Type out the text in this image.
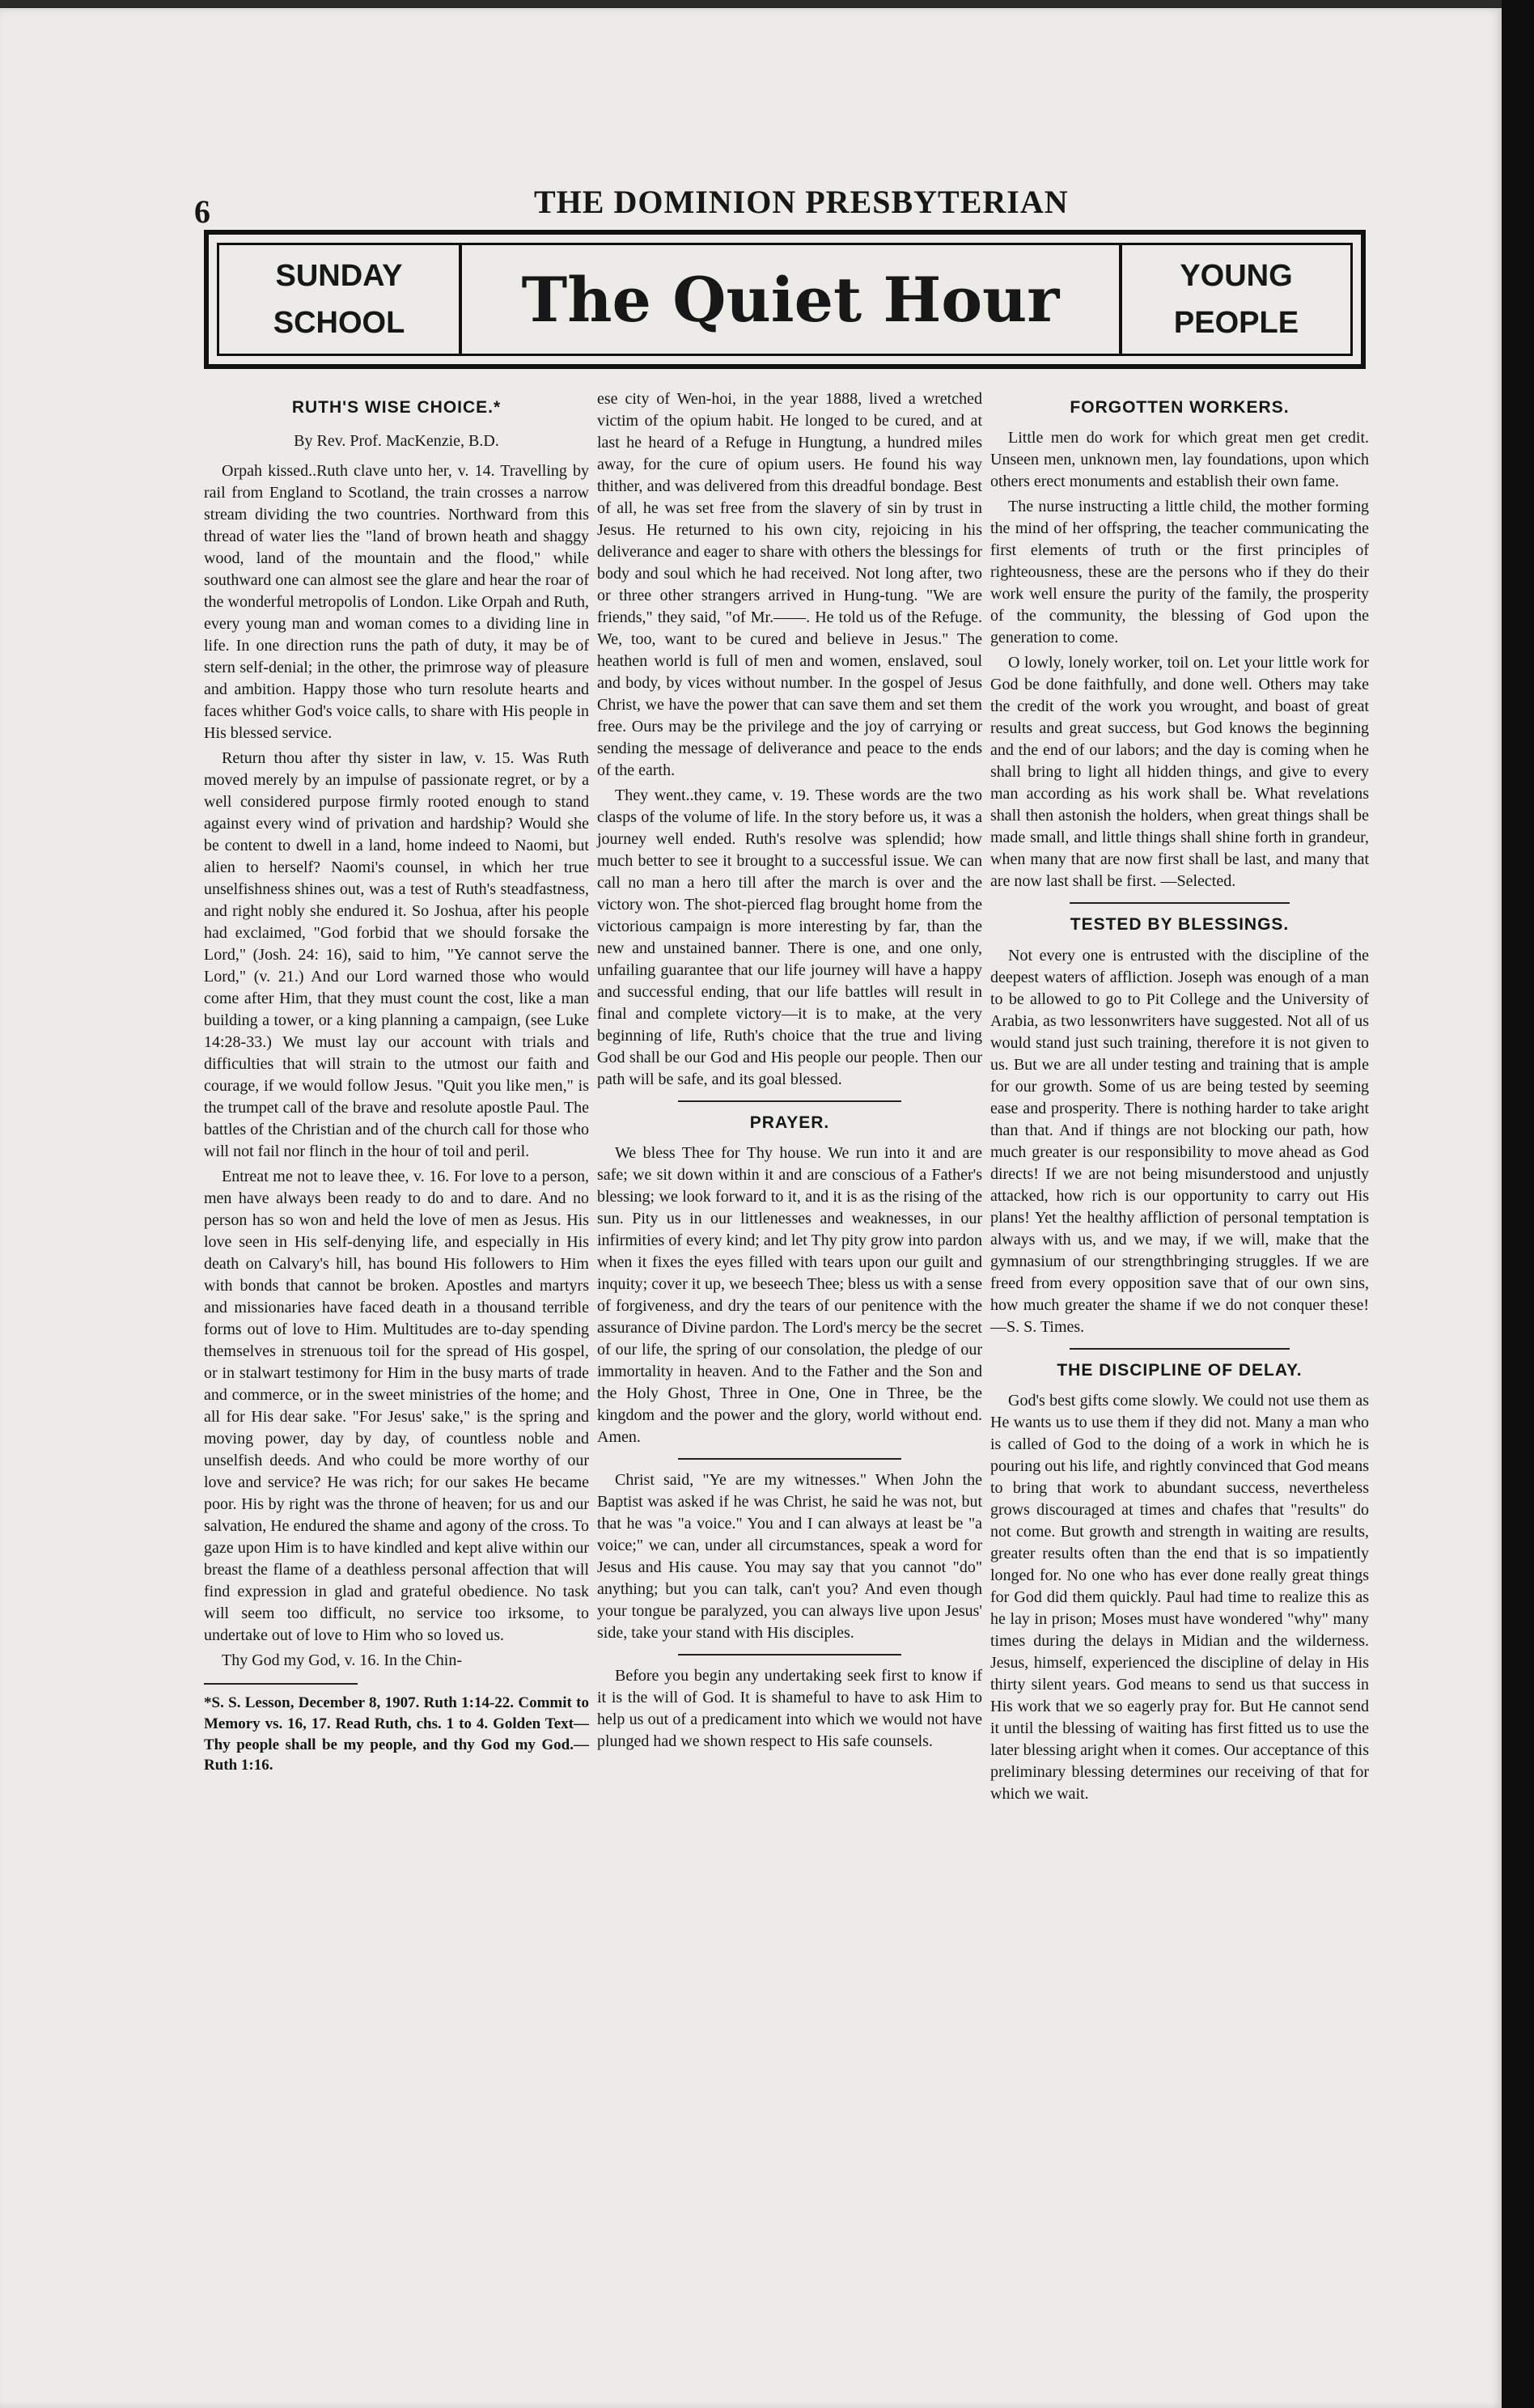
6	THE DOMINION PRESBYTERIAN
SUNDAY
SCHOOL	The Quiet Hour	YOUNG
PEOPLE
RUTH'S WISE CHOICE.*

By Rev. Prof. MacKenzie, B.D.

Orpah kissed..Ruth clave unto her, v. 14. Travelling by rail from England to Scotland, the train crosses a narrow stream dividing the two countries. Northward from this thread of water lies the "land of brown heath and shaggy wood, land of the mountain and the flood," while southward one can almost see the glare and hear the roar of the wonderful metropolis of London. Like Orpah and Ruth, every young man and woman comes to a dividing line in life. In one direction runs the path of duty, it may be of stern self-denial; in the other, the primrose way of pleasure and ambition. Happy those who turn resolute hearts and faces whither God's voice calls, to share with His people in His blessed service.

Return thou after thy sister in law, v. 15. Was Ruth moved merely by an impulse of passionate regret, or by a well considered purpose firmly rooted enough to stand against every wind of privation and hardship? Would she be content to dwell in a land, home indeed to Naomi, but alien to herself? Naomi's counsel, in which her true unselfishness shines out, was a test of Ruth's steadfastness, and right nobly she endured it. So Joshua, after his people had exclaimed, "God forbid that we should forsake the Lord," (Josh. 24: 16), said to him, "Ye cannot serve the Lord," (v. 21.) And our Lord warned those who would come after Him, that they must count the cost, like a man building a tower, or a king planning a campaign, (see Luke 14:28-33.) We must lay our account with trials and difficulties that will strain to the utmost our faith and courage, if we would follow Jesus. "Quit you like men," is the trumpet call of the brave and resolute apostle Paul. The battles of the Christian and of the church call for those who will not fail nor flinch in the hour of toil and peril.

Entreat me not to leave thee, v. 16. For love to a person, men have always been ready to do and to dare. And no person has so won and held the love of men as Jesus. His love seen in His self-denying life, and especially in His death on Calvary's hill, has bound His followers to Him with bonds that cannot be broken. Apostles and martyrs and missionaries have faced death in a thousand terrible forms out of love to Him. Multitudes are to-day spending themselves in strenuous toil for the spread of His gospel, or in stalwart testimony for Him in the busy marts of trade and commerce, or in the sweet ministries of the home; and all for His dear sake. "For Jesus' sake," is the spring and moving power, day by day, of countless noble and unselfish deeds. And who could be more worthy of our love and service? He was rich; for our sakes He became poor. His by right was the throne of heaven; for us and our salvation, He endured the shame and agony of the cross. To gaze upon Him is to have kindled and kept alive within our breast the flame of a deathless personal affection that will find expression in glad and grateful obedience. No task will seem too difficult, no service too irksome, to undertake out of love to Him who so loved us.

Thy God my God, v. 16. In the Chin-

*S. S. Lesson, December 8, 1907. Ruth 1:14-22. Commit to Memory vs. 16, 17. Read Ruth, chs. 1 to 4. Golden Text— Thy people shall be my people, and thy God my God.—Ruth 1:16.

ese city of Wen-hoi, in the year 1888, lived a wretched victim of the opium habit. He longed to be cured, and at last he heard of a Refuge in Hungtung, a hundred miles away, for the cure of opium users. He found his way thither, and was delivered from this dreadful bondage. Best of all, he was set free from the slavery of sin by trust in Jesus. He returned to his own city, rejoicing in his deliverance and eager to share with others the blessings for body and soul which he had received. Not long after, two or three other strangers arrived in Hung-tung. "We are friends," they said, "of Mr.——. He told us of the Refuge. We, too, want to be cured and believe in Jesus." The heathen world is full of men and women, enslaved, soul and body, by vices without number. In the gospel of Jesus Christ, we have the power that can save them and set them free. Ours may be the privilege and the joy of carrying or sending the message of deliverance and peace to the ends of the earth.

They went..they came, v. 19. These words are the two clasps of the volume of life. In the story before us, it was a journey well ended. Ruth's resolve was splendid; how much better to see it brought to a successful issue. We can call no man a hero till after the march is over and the victory won. The shot-pierced flag brought home from the victorious campaign is more interesting by far, than the new and unstained banner. There is one, and one only, unfailing guarantee that our life journey will have a happy and successful ending, that our life battles will result in final and complete victory—it is to make, at the very beginning of life, Ruth's choice that the true and living God shall be our God and His people our people. Then our path will be safe, and its goal blessed.

PRAYER.

We bless Thee for Thy house. We run into it and are safe; we sit down within it and are conscious of a Father's blessing; we look forward to it, and it is as the rising of the sun. Pity us in our littlenesses and weaknesses, in our infirmities of every kind; and let Thy pity grow into pardon when it fixes the eyes filled with tears upon our guilt and inquity; cover it up, we beseech Thee; bless us with a sense of forgiveness, and dry the tears of our penitence with the assurance of Divine pardon. The Lord's mercy be the secret of our life, the spring of our consolation, the pledge of our immortality in heaven. And to the Father and the Son and the Holy Ghost, Three in One, One in Three, be the kingdom and the power and the glory, world without end. Amen.

Christ said, "Ye are my witnesses." When John the Baptist was asked if he was Christ, he said he was not, but that he was "a voice." You and I can always at least be "a voice;" we can, under all circumstances, speak a word for Jesus and His cause. You may say that you cannot "do" anything; but you can talk, can't you? And even though your tongue be paralyzed, you can always live upon Jesus' side, take your stand with His disciples.

Before you begin any undertaking seek first to know if it is the will of God. It is shameful to have to ask Him to help us out of a predicament into which we would not have plunged had we shown respect to His safe counsels.

FORGOTTEN WORKERS.

Little men do work for which great men get credit. Unseen men, unknown men, lay foundations, upon which others erect monuments and establish their own fame.

The nurse instructing a little child, the mother forming the mind of her offspring, the teacher communicating the first elements of truth or the first principles of righteousness, these are the persons who if they do their work well ensure the purity of the family, the prosperity of the community, the blessing of God upon the generation to come.

O lowly, lonely worker, toil on. Let your little work for God be done faithfully, and done well. Others may take the credit of the work you wrought, and boast of great results and great success, but God knows the beginning and the end of our labors; and the day is coming when he shall bring to light all hidden things, and give to every man according as his work shall be. What revelations shall then astonish the holders, when great things shall be made small, and little things shall shine forth in grandeur, when many that are now first shall be last, and many that are now last shall be first. —Selected.

TESTED BY BLESSINGS.

Not every one is entrusted with the discipline of the deepest waters of affliction. Joseph was enough of a man to be allowed to go to Pit College and the University of Arabia, as two lessonwriters have suggested. Not all of us would stand just such training, therefore it is not given to us. But we are all under testing and training that is ample for our growth. Some of us are being tested by seeming ease and prosperity. There is nothing harder to take aright than that. And if things are not blocking our path, how much greater is our responsibility to move ahead as God directs! If we are not being misunderstood and unjustly attacked, how rich is our opportunity to carry out His plans! Yet the healthy affliction of personal temptation is always with us, and we may, if we will, make that the gymnasium of our strengthbringing struggles. If we are freed from every opposition save that of our own sins, how much greater the shame if we do not conquer these!—S. S. Times.

THE DISCIPLINE OF DELAY.

God's best gifts come slowly. We could not use them as He wants us to use them if they did not. Many a man who is called of God to the doing of a work in which he is pouring out his life, and rightly convinced that God means to bring that work to abundant success, nevertheless grows discouraged at times and chafes that "results" do not come. But growth and strength in waiting are results, greater results often than the end that is so impatiently longed for. No one who has ever done really great things for God did them quickly. Paul had time to realize this as he lay in prison; Moses must have wondered "why" many times during the delays in Midian and the wilderness. Jesus, himself, experienced the discipline of delay in His thirty silent years. God means to send us that success in His work that we so eagerly pray for. But He cannot send it until the blessing of waiting has first fitted us to use the later blessing aright when it comes. Our acceptance of this preliminary blessing determines our receiving of that for which we wait.
